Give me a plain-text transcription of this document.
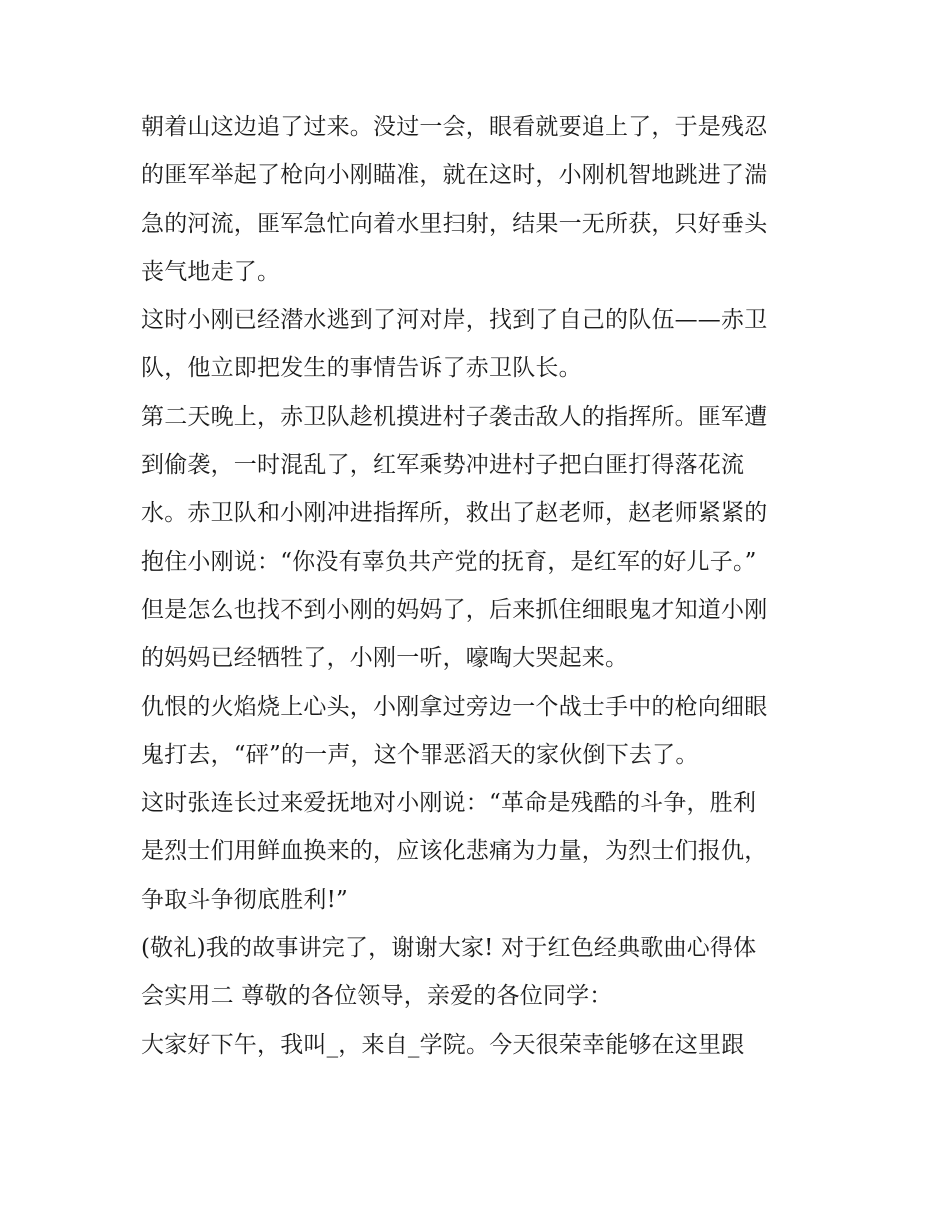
朝着山这边追了过来。没过一会，眼看就要追上了，于是残忍
的匪军举起了枪向小刚瞄准，就在这时，小刚机智地跳进了湍
急的河流，匪军急忙向着水里扫射，结果一无所获，只好垂头
丧气地走了。
这时小刚已经潜水逃到了河对岸，找到了自己的队伍——赤卫
队，他立即把发生的事情告诉了赤卫队长。
第二天晚上，赤卫队趁机摸进村子袭击敌人的指挥所。匪军遭
到偷袭，一时混乱了，红军乘势冲进村子把白匪打得落花流
水。赤卫队和小刚冲进指挥所，救出了赵老师，赵老师紧紧的
抱住小刚说：“你没有辜负共产党的抚育，是红军的好儿子。”
但是怎么也找不到小刚的妈妈了，后来抓住细眼鬼才知道小刚
的妈妈已经牺牲了，小刚一听，嚎啕大哭起来。
仇恨的火焰烧上心头，小刚拿过旁边一个战士手中的枪向细眼
鬼打去，“砰”的一声，这个罪恶滔天的家伙倒下去了。
这时张连长过来爱抚地对小刚说：“革命是残酷的斗争，胜利
是烈士们用鲜血换来的，应该化悲痛为力量，为烈士们报仇，
争取斗争彻底胜利!”
(敬礼)我的故事讲完了，谢谢大家! 对于红色经典歌曲心得体
会实用二 尊敬的各位领导，亲爱的各位同学：
大家好下午，我叫_，来自_学院。今天很荣幸能够在这里跟
